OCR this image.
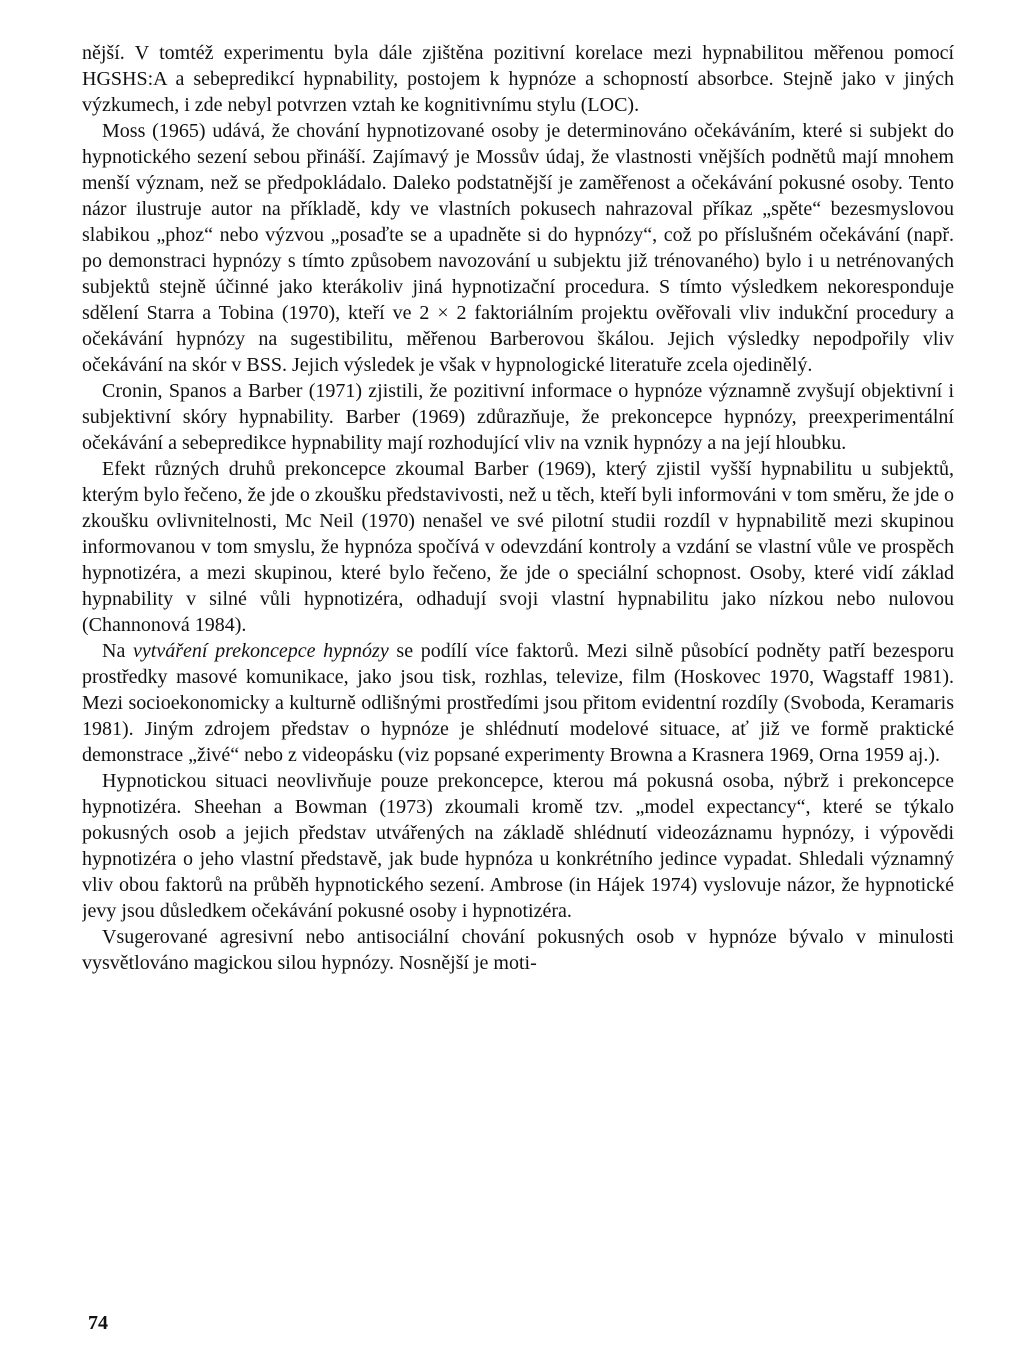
nější. V tomtéž experimentu byla dále zjištěna pozitivní korelace mezi hypnabilitou měřenou pomocí HGSHS:A a sebepredikcí hypnability, postojem k hypnóze a schopností absorbce. Stejně jako v jiných výzkumech, i zde nebyl potvrzen vztah ke kognitivnímu stylu (LOC).

Moss (1965) udává, že chování hypnotizované osoby je determinováno očekáváním, které si subjekt do hypnotického sezení sebou přináší. Zajímavý je Mossův údaj, že vlastnosti vnějších podnětů mají mnohem menší význam, než se předpokládalo. Daleko podstatnější je zaměřenost a očekávání pokusné osoby. Tento názor ilustruje autor na příkladě, kdy ve vlastních pokusech nahrazoval příkaz „spěte“ bezesmyslovou slabikou „phoz“ nebo výzvou „posaďte se a upadněte si do hypnózy“, což po příslušném očekávání (např. po demonstraci hypnózy s tímto způsobem navozování u subjektu již trénovaného) bylo i u netrénovaných subjektů stejně účinné jako kterákoliv jiná hypnotizační procedura. S tímto výsledkem nekoresponduje sdělení Starra a Tobina (1970), kteří ve 2 × 2 faktoriálním projektu ověřovali vliv indukční procedury a očekávání hypnózy na sugestibilitu, měřenou Barberovou škálou. Jejich výsledky nepodpořily vliv očekávání na skór v BSS. Jejich výsledek je však v hypnologické literatuře zcela ojedinělý.

Cronin, Spanos a Barber (1971) zjistili, že pozitivní informace o hypnóze významně zvyšují objektivní i subjektivní skóry hypnability. Barber (1969) zdůrazňuje, že prekoncepce hypnózy, preexperimentální očekávání a sebepredikce hypnability mají rozhodující vliv na vznik hypnózy a na její hloubku.

Efekt různých druhů prekoncepce zkoumal Barber (1969), který zjistil vyšší hypnabilitu u subjektů, kterým bylo řečeno, že jde o zkoušku představivosti, než u těch, kteří byli informováni v tom směru, že jde o zkoušku ovlivnitelnosti, Mc Neil (1970) nenašel ve své pilotní studii rozdíl v hypnabilitě mezi skupinou informovanou v tom smyslu, že hypnóza spočívá v odevzdání kontroly a vzdání se vlastní vůle ve prospěch hypnotizéra, a mezi skupinou, které bylo řečeno, že jde o speciální schopnost. Osoby, které vidí základ hypnability v silné vůli hypnotizéra, odhadují svoji vlastní hypnabilitu jako nízkou nebo nulovou (Channonová 1984).

Na vytváření prekoncepce hypnózy se podílí více faktorů. Mezi silně působící podněty patří bezesporu prostředky masové komunikace, jako jsou tisk, rozhlas, televize, film (Hoskovec 1970, Wagstaff 1981). Mezi socioekonomicky a kulturně odlišnými prostředími jsou přitom evidentní rozdíly (Svoboda, Keramaris 1981). Jiným zdrojem představ o hypnóze je shlédnutí modelové situace, ať již ve formě praktické demonstrace „živé“ nebo z videopásku (viz popsané experimenty Browna a Krasnera 1969, Orna 1959 aj.).

Hypnotickou situaci neovlivňuje pouze prekoncepce, kterou má pokusná osoba, nýbrž i prekoncepce hypnotizéra. Sheehan a Bowman (1973) zkoumali kromě tzv. „model expectancy“, které se týkalo pokusných osob a jejich představ utvářených na základě shlédnutí videozáznamu hypnózy, i výpovědi hypnotizéra o jeho vlastní představě, jak bude hypnóza u konkrétního jedince vypadat. Shledali významný vliv obou faktorů na průběh hypnotického sezení. Ambrose (in Hájek 1974) vyslovuje názor, že hypnotické jevy jsou důsledkem očekávání pokusné osoby i hypnotizéra.

Vsugerované agresivní nebo antisociální chování pokusných osob v hypnóze bývalo v minulosti vysvětlováno magickou silou hypnózy. Nosnější je moti-

74
